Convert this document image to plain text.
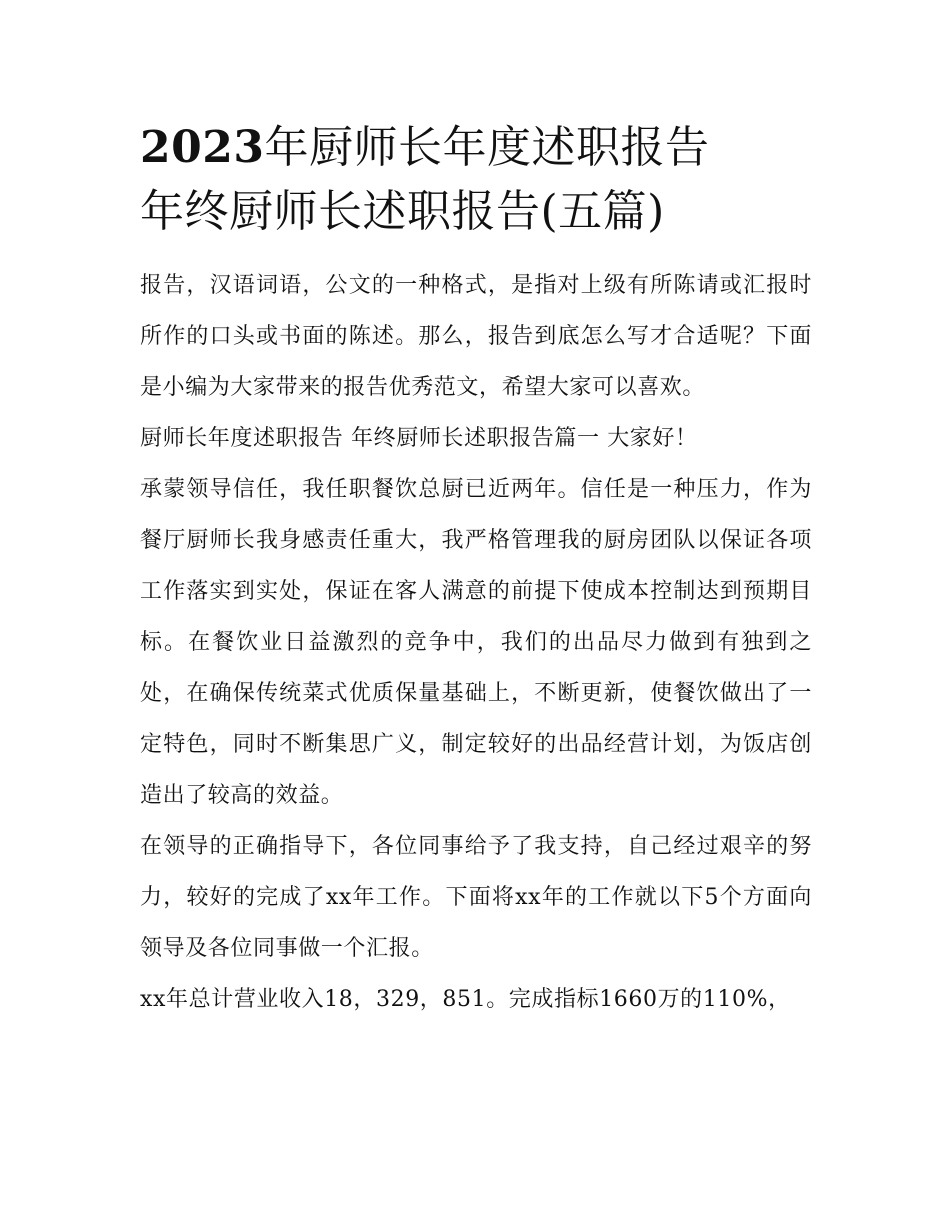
2023年厨师长年度述职报告
年终厨师长述职报告(五篇)

报告，汉语词语，公文的一种格式，是指对上级有所陈请或汇报时所作的口头或书面的陈述。那么，报告到底怎么写才合适呢？下面是小编为大家带来的报告优秀范文，希望大家可以喜欢。

厨师长年度述职报告 年终厨师长述职报告篇一 大家好！

承蒙领导信任，我任职餐饮总厨已近两年。信任是一种压力，作为餐厅厨师长我身感责任重大，我严格管理我的厨房团队以保证各项工作落实到实处，保证在客人满意的前提下使成本控制达到预期目标。在餐饮业日益激烈的竞争中，我们的出品尽力做到有独到之处，在确保传统菜式优质保量基础上，不断更新，使餐饮做出了一定特色，同时不断集思广义，制定较好的出品经营计划，为饭店创造出了较高的效益。

在领导的正确指导下，各位同事给予了我支持，自己经过艰辛的努力，较好的完成了xx年工作。下面将xx年的工作就以下5个方面向领导及各位同事做一个汇报。

xx年总计营业收入18，329，851。完成指标1660万的110%，
